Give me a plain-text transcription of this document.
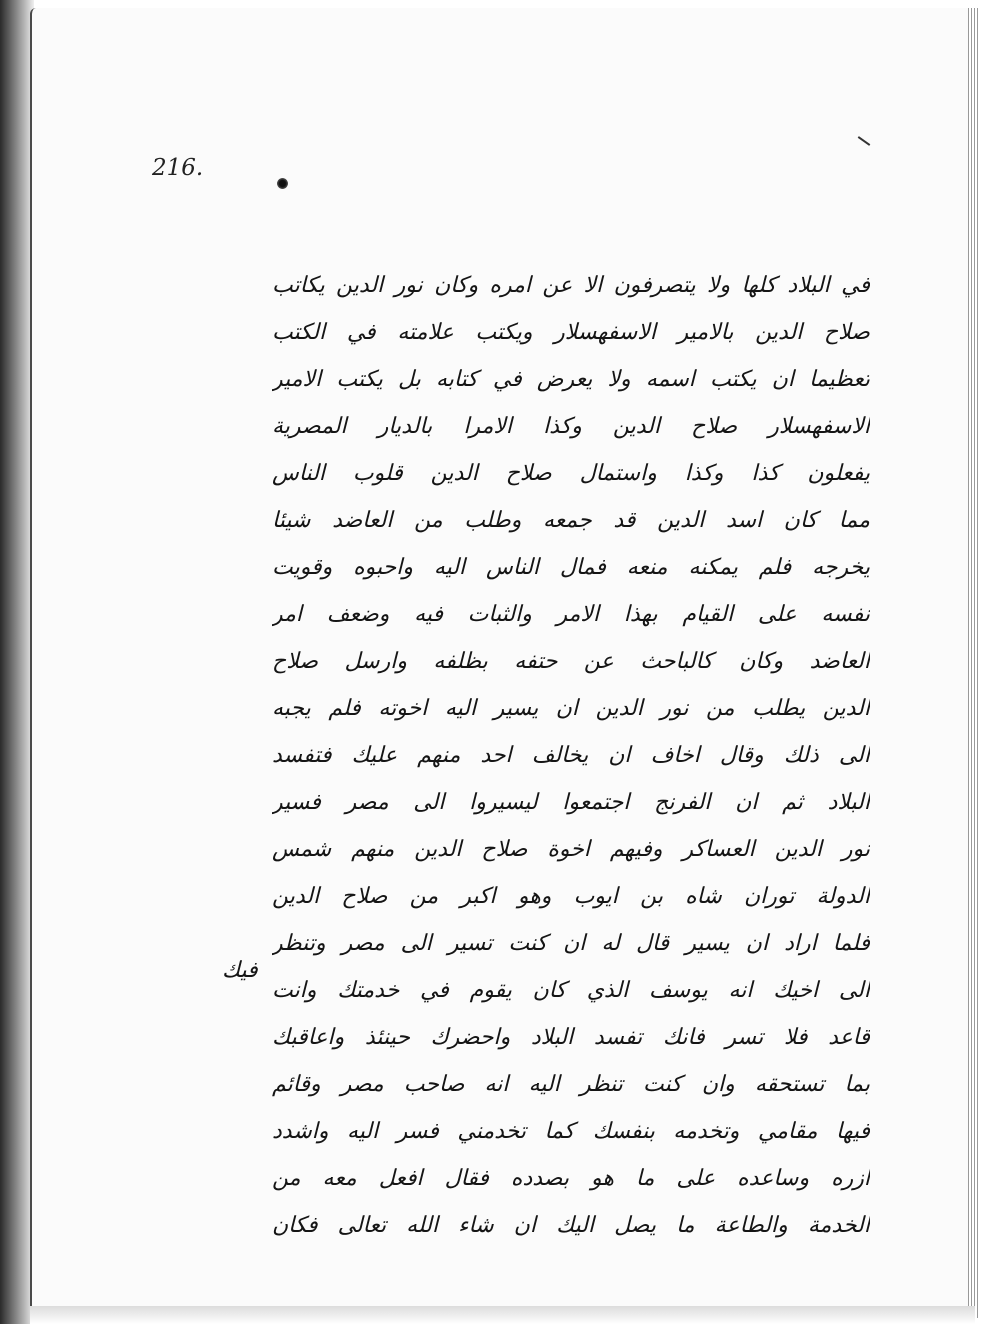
216.
فيك
في البلاد كلها ولا يتصرفون الا عن امره وكان نور الدين يكاتب
صلاح الدين بالامير الاسفهسلار ويكتب علامته في الكتب
تعظيما ان يكتب اسمه ولا يعرض في كتابه بل يكتب الامير
الاسفهسلار صلاح الدين وكذا الامرا بالديار المصرية
يفعلون كذا وكذا واستمال صلاح الدين قلوب الناس
مما كان اسد الدين قد جمعه وطلب من العاضد شيئا
يخرجه فلم يمكنه منعه فمال الناس اليه واحبوه وقويت
نفسه على القيام بهذا الامر والثبات فيه وضعف امر
العاضد وكان كالباحث عن حتفه بظلفه وارسل صلاح
الدين يطلب من نور الدين ان يسير اليه اخوته فلم يجبه
الى ذلك وقال اخاف ان يخالف احد منهم عليك فتفسد
البلاد ثم ان الفرنج اجتمعوا ليسيروا الى مصر فسير
نور الدين العساكر وفيهم اخوة صلاح الدين منهم شمس
الدولة توران شاه بن ايوب وهو اكبر من صلاح الدين
فلما اراد ان يسير قال له ان كنت تسير الى مصر وتنظر
الى اخيك انه يوسف الذي كان يقوم في خدمتك وانت
قاعد فلا تسر فانك تفسد البلاد واحضرك حينئذ واعاقبك
بما تستحقه وان كنت تنظر اليه انه صاحب مصر وقائم
فيها مقامي وتخدمه بنفسك كما تخدمني فسر اليه واشدد
ازره وساعده على ما هو بصدده فقال افعل معه من
الخدمة والطاعة ما يصل اليك ان شاء الله تعالى فكان
